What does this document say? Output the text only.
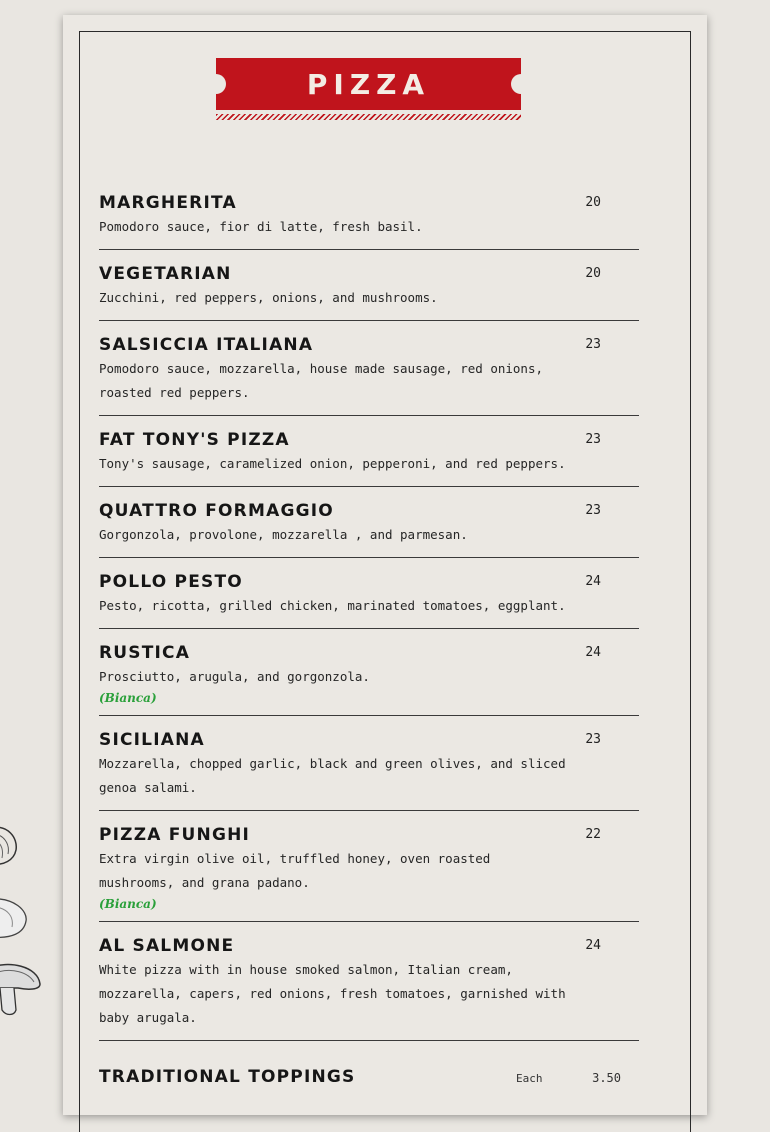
PIZZA
MARGHERITA	20
Pomodoro sauce, fior di latte, fresh basil.
VEGETARIAN	20
Zucchini, red peppers, onions, and mushrooms.
SALSICCIA ITALIANA	23
Pomodoro sauce, mozzarella, house made sausage, red onions, roasted red peppers.
FAT TONY'S PIZZA	23
Tony's sausage, caramelized onion, pepperoni, and red peppers.
QUATTRO FORMAGGIO	23
Gorgonzola, provolone, mozzarella , and parmesan.
POLLO PESTO	24
Pesto, ricotta, grilled chicken, marinated tomatoes, eggplant.
RUSTICA	24
Prosciutto, arugula, and gorgonzola.
(Bianca)
SICILIANA	23
Mozzarella, chopped garlic, black and green olives, and sliced genoa salami.
PIZZA FUNGHI	22
Extra virgin olive oil, truffled honey, oven roasted mushrooms, and grana padano.
(Bianca)
AL SALMONE	24
White pizza with in house smoked salmon, Italian cream, mozzarella, capers, red onions, fresh tomatoes, garnished with baby arugala.
TRADITIONAL TOPPINGS	Each	3.50
